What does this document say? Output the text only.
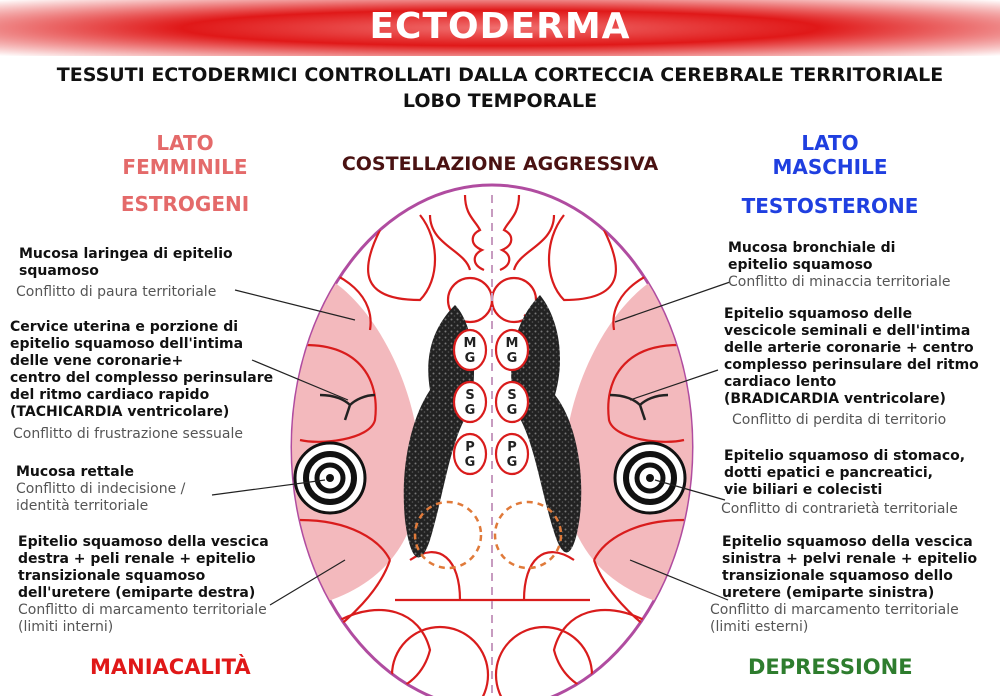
ECTODERMA
TESSUTI ECTODERMICI CONTROLLATI DALLA CORTECCIA CEREBRALE TERRITORIALE
LOBO TEMPORALE
LATO
FEMMINILE
ESTROGENI
LATO
MASCHILE
TESTOSTERONE
COSTELLAZIONE AGGRESSIVA
M
G
M
G
S
G
S
G
P
G
P
G
Mucosa laringea di epitelio
squamoso
Conflitto di paura territoriale
Cervice uterina e porzione di
epitelio squamoso dell'intima
delle vene coronarie+
centro del complesso perinsulare
del ritmo cardiaco rapido
(TACHICARDIA ventricolare)
Conflitto di frustrazione sessuale
Mucosa rettale
Conflitto di indecisione /
identità territoriale
Epitelio squamoso della vescica
destra + peli renale + epitelio
transizionale squamoso
dell'uretere (emiparte destra)
Conflitto di marcamento territoriale
(limiti interni)
Mucosa bronchiale di
epitelio squamoso
Conflitto di minaccia territoriale
Epitelio squamoso delle
vescicole seminali e dell'intima
delle arterie coronarie + centro
complesso perinsulare del ritmo
cardiaco lento
(BRADICARDIA ventricolare)
Conflitto di perdita di territorio
Epitelio squamoso di stomaco,
dotti epatici e pancreatici,
vie biliari e colecisti
Conflitto di contrarietà territoriale
Epitelio squamoso della vescica
sinistra + pelvi renale + epitelio
transizionale squamoso dello
uretere (emiparte sinistra)
Conflitto di marcamento territoriale
(limiti esterni)
MANIACALITÀ	DEPRESSIONE
